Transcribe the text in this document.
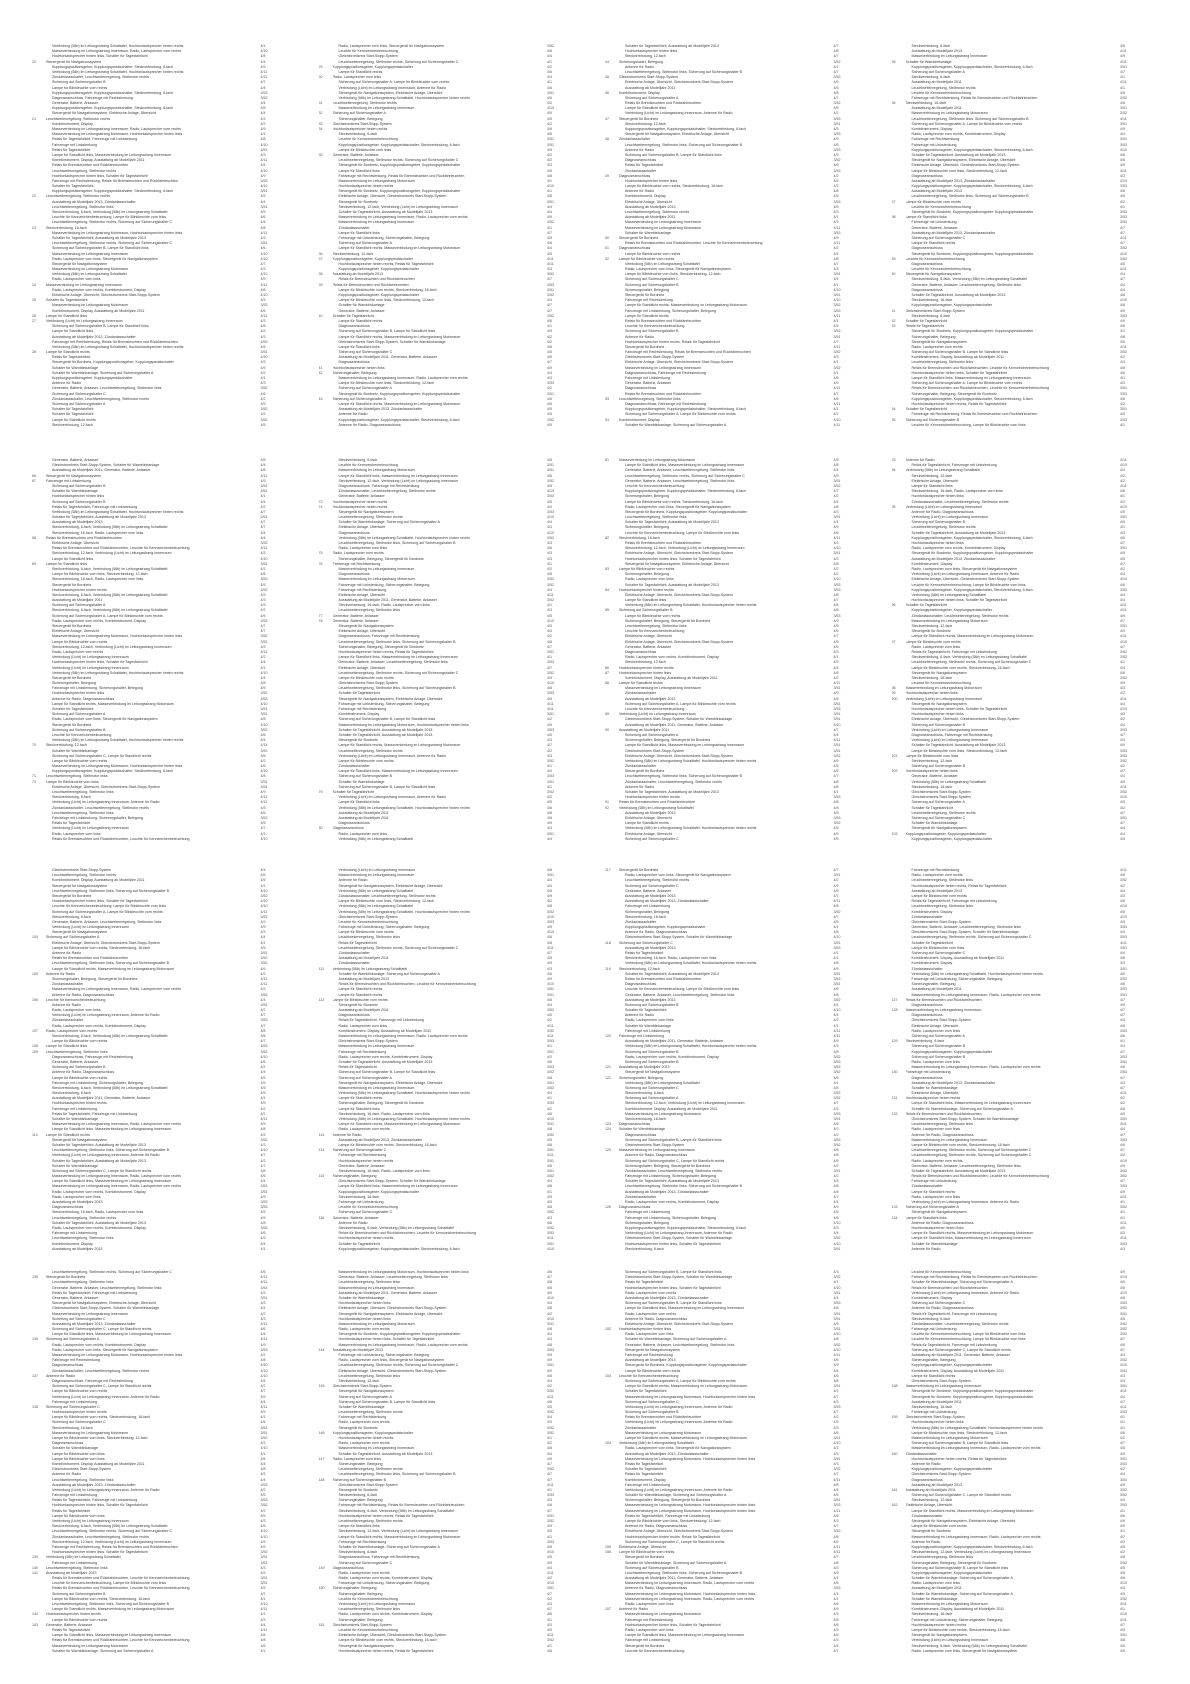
Verbindung (58b) im Leitungsstrang Schalttafel, Hochtonlautsprecher hinten rechts	4/1
Masseverbindung im Leitungsstrang Innenraum, Radio, Lautsprecher vorn rechts	4/10
Hochtonlautsprecher hinten links, Schalter für Tagesfahrlicht	4/8
20	Steuergerät für Navigationssystem	4/4
Kupplungspositionsgeber, Kupplungspedalschalter, Steckverbindung, 6-fach	4/5
Verbindung (58b) im Leitungsstrang Schalttafel, Hochtonlautsprecher hinten rechts	4/11
Zündanlassschalter, Leuchtweitenregelung, Stellmotor rechts	4/11
Sicherung auf Sicherungshalter B	4/7
Lampe für Blinkleuchte vorn rechts	4/4
Kupplungspositionsgeber, Kupplungspedalschalter, Steckverbindung, 6-fach	3/53
Diagnoseanschluss, Fahrzeuge mit Rechtslenkung	3/52
Generator, Batterie, Anlasser	4/4
Kupplungspositionsgeber, Kupplungspedalschalter, Steckverbindung, 6-fach	4/8
Steuergerät für Navigationssystem, Elektrische Anlage, Übersicht	4/4
21	Leuchtweitenregelung, Stellmotor rechts	4/3
Kombiinstrument, Display	4/2
Masseverbindung im Leitungsstrang Innenraum, Radio, Lautsprecher vorn rechts	4/9
Masseverbindung im Leitungsstrang Motorraum, Hochtonlautsprecher hinten links	4/1
Relais für Tagesfahrlicht, Fahrzeuge mit Linkslenkung	4/8
Fahrzeuge mit Linkslenkung	4/10
Relais für Tagesfahrlicht	3/51
Lampe für Standlicht links, Masseverbindung im Leitungsstrang Innenraum	4/3
Kombiinstrument, Display, Ausstattung ab Modelljahr 2011	4/11
Relais für Bremsleuchten und Rückfahrleuchten	4/4
Leuchtweitenregelung, Stellmotor rechts	4/10
Hochtonlautsprecher hinten links, Schalter für Tagesfahrlicht	4/9
Fahrzeuge mit Rechtslenkung, Relais für Bremsleuchten und Rückfahrleuchten	3/53
Schalter für Tagesfahrlicht	4/10
Kupplungspositionsgeber, Kupplungspedalschalter, Steckverbindung, 6-fach	3/51
22	Leuchtweitenregelung, Stellmotor rechts	4/5
Ausstattung ab Modelljahr 2013, Zündanlassschalter	4/4
Leuchtweitenregelung, Stellmotor links	3/51
Steckverbindung, 6-fach, Verbindung (58b) im Leitungsstrang Schalttafel	4/9
Leuchte für Kennzeichenbeleuchtung, Lampe für Blinkleuchte vorn links	4/6
Leuchtweitenregelung, Stellmotor rechts, Sicherung auf Sicherungshalter C	4/4
23	Steckverbindung, 16-fach	4/8
Masseverbindung im Leitungsstrang Motorraum, Hochtonlautsprecher hinten links	4/11
Schalter für Tagesfahrlicht, Ausstattung ab Modelljahr 2013	4/3
Leuchtweitenregelung, Stellmotor rechts, Sicherung auf Sicherungshalter C	3/51
Sicherung auf Sicherungshalter B, Lampe für Standlicht links	4/6
Masseverbindung im Leitungsstrang Innenraum	4/10
Radio, Lautsprecher vorn links, Steuergerät für Navigationssystem	4/10
Steuergerät für Navigationssystem	4/7
Masseverbindung im Leitungsstrang Motorraum	4/3
Verbindung (58b) im Leitungsstrang Schalttafel	4/10
Radio, Lautsprecher vorn links	4/9
24	Masseverbindung im Leitungsstrang Innenraum	4/11
Radio, Lautsprecher vorn rechts, Kombiinstrument, Display	4/8
Elektrische Anlage, Übersicht, Gleichstromkreis Start-Stopp-System	4/10
25	Schalter für Tagesfahrlicht	4/3
Masseverbindung im Leitungsstrang Motorraum	3/53
Kombiinstrument, Display, Ausstattung ab Modelljahr 2011	4/5
26	Lampe für Standlicht links	4/11
27	Verbindung (Licht) im Leitungsstrang Innenraum	4/3
Sicherung auf Sicherungshalter B, Lampe für Standlicht links	4/8
Lampe für Standlicht links	4/3
Ausstattung ab Modelljahr 2013, Zündanlassschalter	4/3
Fahrzeuge mit Rechtslenkung, Relais für Bremsleuchten und Rückfahrleuchten	3/53
Verbindung (58b) im Leitungsstrang Schalttafel, Hochtonlautsprecher hinten rechts	4/5
28	Lampe für Standlicht rechts	3/51
Relais für Tagesfahrlicht	4/10
Steuergerät für Bordnetz, Kupplungspositionsgeber, Kupplungspedalschalter	4/3
Schalter für Warnblinkanlage	4/9
Schalter für Warnblinkanlage, Sicherung auf Sicherungshalter A	4/2
Kupplungspositionsgeber, Kupplungspedalschalter	4/1
Antenne für Radio	4/3
Generator, Batterie, Anlasser, Leuchtweitenregelung, Stellmotor links	3/52
Sicherung auf Sicherungshalter C	4/6
Zündanlassschalter, Leuchtweitenregelung, Stellmotor rechts	4/2
Sicherung auf Sicherungshalter A	4/9
Schalter für Tagesfahrlicht	3/52
Schalter für Tagesfahrlicht	4/2
Lampe für Standlicht rechts	3/52
Steckverbindung, 12-fach	4/5
Radio, Lautsprecher vorn links, Steuergerät für Navigationssystem	3/52
Leuchte für Kennzeichenbeleuchtung	4/8
Gleichstromkreis Start-Stopp-System	4/4
Leuchtweitenregelung, Stellmotor rechts, Sicherung auf Sicherungshalter C	4/1
29	Kupplungspositionsgeber, Kupplungspedalschalter	4/2
Lampe für Standlicht rechts	4/6
30	Radio, Lautsprecher vorn links	4/4
Sicherung auf Sicherungshalter A, Lampe für Blinkleuchte vorn rechts	4/1
Verbindung (Licht) im Leitungsstrang Innenraum, Antenne für Radio	4/6
Steuergerät für Navigationssystem, Elektrische Anlage, Übersicht	3/51
Verbindung (58b) im Leitungsstrang Schalttafel, Hochtonlautsprecher hinten rechts	4/6
31	Leuchtweitenregelung, Stellmotor rechts	4/2
Masseverbindung im Leitungsstrang Innenraum	4/10
32	Sicherung auf Sicherungshalter A	4/9
Sicherungshalter, Belegung	4/5
33	Gleichstromkreis Start-Stopp-System	4/2
34	Hochtonlautsprecher hinten rechts	4/6
Steckverbindung, 6-fach	4/6
Leuchte für Kennzeichenbeleuchtung	3/51
Kupplungspositionsgeber, Kupplungspedalschalter, Steckverbindung, 6-fach	3/51
Lampe für Blinkleuchte vorn links	4/5
35	Generator, Batterie, Anlasser	4/2
Leuchtweitenregelung, Stellmotor rechts, Sicherung auf Sicherungshalter C	4/2
Steuergerät für Bordnetz, Kupplungspositionsgeber, Kupplungspedalschalter	4/3
Lampe für Standlicht links	4/5
Fahrzeuge mit Rechtslenkung, Relais für Bremsleuchten und Rückfahrleuchten	4/8
Masseverbindung im Leitungsstrang Motorraum	4/1
Hochtonlautsprecher hinten rechts	4/10
Steuergerät für Bordnetz, Kupplungspositionsgeber, Kupplungspedalschalter	4/1
Elektrische Anlage, Übersicht, Gleichstromkreis Start-Stopp-System	4/8
Steuergerät für Bordnetz	3/51
Steckverbindung, 12-fach, Verbindung (Licht) im Leitungsstrang Innenraum	4/4
Schalter für Tagesfahrlicht, Ausstattung ab Modelljahr 2013	4/4
Masseverbindung im Leitungsstrang Innenraum, Radio, Lautsprecher vorn rechts	4/9
Masseverbindung im Leitungsstrang Innenraum	3/52
Zündanlassschalter	4/1
Lampe für Standlicht links	4/7
Fahrzeuge mit Linkslenkung, Sicherungshalter, Belegung	4/9
Sicherung auf Sicherungshalter A	4/6
Lampe für Standlicht rechts, Masseverbindung im Leitungsstrang Motorraum	4/4
36	Steckverbindung, 12-fach	4/5
37	Kupplungspositionsgeber, Kupplungspedalschalter	4/11
Hochtonlautsprecher hinten rechts, Relais für Tagesfahrlicht	4/11
Kupplungspositionsgeber, Kupplungspedalschalter	4/3
38	Ausstattung ab Modelljahr 2013	3/52
Relais für Bremsleuchten und Rückfahrleuchten	4/7
39	Relais für Bremsleuchten und Rückfahrleuchten	3/53
Lampe für Blinkleuchte vorn rechts, Steckverbindung, 16-fach	3/51
Kupplungspositionsgeber, Kupplungspedalschalter	3/52
Lampe für Blinkleuchte vorn links, Steckverbindung, 12-fach	4/4
Schalter für Warnblinkanlage	4/7
Generator, Batterie, Anlasser	4/7
40	Schalter für Tagesfahrlicht	3/52
Lampe für Standlicht rechts	4/6
Diagnoseanschluss	4/1
Sicherung auf Sicherungshalter B, Lampe für Standlicht links	4/9
Lampe für Standlicht rechts, Masseverbindung im Leitungsstrang Motorraum	4/2
Gleichstromkreis Start-Stopp-System, Schalter für Warnblinkanlage	4/2
Lampe für Standlicht links	4/8
Sicherung auf Sicherungshalter C	4/5
Ausstattung ab Modelljahr 2011, Generator, Batterie, Anlasser	4/9
Diagnoseanschluss	4/7
41	Hochtonlautsprecher hinten links	4/9
42	Sicherungshalter, Belegung	4/4
Masseverbindung im Leitungsstrang Innenraum, Radio, Lautsprecher vorn rechts	4/3
Lampe für Blinkleuchte vorn links, Steckverbindung, 12-fach	3/53
Sicherung auf Sicherungshalter A	4/2
Steuergerät für Bordnetz, Kupplungspositionsgeber, Kupplungspedalschalter	3/51
43	Sicherung auf Sicherungshalter A	4/6
Lampe für Standlicht rechts, Masseverbindung im Leitungsstrang Motorraum	4/6
Ausstattung ab Modelljahr 2013, Zündanlassschalter	4/5
Antenne für Radio	4/5
Kupplungspositionsgeber, Kupplungspedalschalter, Steckverbindung, 6-fach	3/52
Antenne für Radio, Diagnoseanschluss	4/9
Schalter für Tagesfahrlicht, Ausstattung ab Modelljahr 2013	4/7
Hochtonlautsprecher hinten links	4/8
Steckverbindung, 12-fach	4/7
44	Sicherungshalter, Belegung	3/52
Antenne für Radio	4/1
Leuchtweitenregelung, Stellmotor links, Sicherung auf Sicherungshalter B	4/7
45	Gleichstromkreis Start-Stopp-System	3/53
Elektrische Anlage, Übersicht, Gleichstromkreis Start-Stopp-System	4/9
Ausstattung ab Modelljahr 2011	4/5
46	Kombiinstrument, Display	4/8
Sicherung auf Sicherungshalter A	4/7
Relais für Bremsleuchten und Rückfahrleuchten	3/52
Lampe für Standlicht links	4/5
Verbindung (Licht) im Leitungsstrang Innenraum, Antenne für Radio	4/2
47	Steuergerät für Bordnetz	3/53
Steckverbindung, 12-fach	3/51
Kupplungspositionsgeber, Kupplungspedalschalter, Steckverbindung, 6-fach	4/3
Steuergerät für Navigationssystem, Elektrische Anlage, Übersicht	3/53
48	Zündanlassschalter	4/9
Leuchtweitenregelung, Stellmotor links, Sicherung auf Sicherungshalter B	4/6
Antenne für Radio	3/53
Sicherung auf Sicherungshalter B, Lampe für Standlicht links	4/9
Diagnoseanschluss	3/52
Relais für Tagesfahrlicht	4/6
Zündanlassschalter	3/53
49	Diagnoseanschluss	4/2
Hochtonlautsprecher hinten links	4/5
Lampe für Blinkleuchte vorn rechts, Steckverbindung, 16-fach	4/2
Antenne für Radio	4/8
Kombiinstrument, Display	4/5
Elektrische Anlage, Übersicht	3/53
Ausstattung ab Modelljahr 2013	4/5
Leuchtweitenregelung, Stellmotor rechts	4/3
Ausstattung ab Modelljahr 2011	4/1
Masseverbindung im Leitungsstrang Innenraum	4/3
Masseverbindung im Leitungsstrang Motorraum	4/11
Schalter für Warnblinkanlage	3/53
50	Steuergerät für Bordnetz	4/9
Relais für Bremsleuchten und Rückfahrleuchten, Leuchte für Kennzeichenbeleuchtung	4/11
51	Diagnoseanschluss	4/2
Lampe für Blinkleuchte vorn rechts	4/4
52	Lampe für Blinkleuchte vorn rechts	4/8
Verbindung (58b) im Leitungsstrang Schalttafel	4/7
Radio, Lautsprecher vorn links, Steuergerät für Navigationssystem	4/3
Lampe für Blinkleuchte vorn links, Steckverbindung, 12-fach	3/51
Sicherung auf Sicherungshalter C	4/4
Sicherung auf Sicherungshalter B	4/1
Sicherungshalter, Belegung	4/10
Steuergerät für Bordnetz	3/51
Fahrzeuge mit Rechtslenkung	4/10
Lampe für Standlicht rechts, Masseverbindung im Leitungsstrang Motorraum	3/52
Fahrzeuge mit Linkslenkung, Sicherungshalter, Belegung	3/53
Lampe für Standlicht rechts	4/11
Relais für Bremsleuchten und Rückfahrleuchten	4/1
Leuchte für Kennzeichenbeleuchtung	4/5
Sicherung auf Sicherungshalter B	3/52
Antenne für Radio	3/51
Hochtonlautsprecher hinten rechts, Relais für Tagesfahrlicht	4/7
Steuergerät für Bordnetz	4/11
Fahrzeuge mit Rechtslenkung, Relais für Bremsleuchten und Rückfahrleuchten	3/52
Gleichstromkreis Start-Stopp-System	4/3
Elektrische Anlage, Übersicht, Gleichstromkreis Start-Stopp-System	4/1
Masseverbindung im Leitungsstrang Innenraum	3/52
Diagnoseanschluss, Fahrzeuge mit Rechtslenkung	4/1
Fahrzeuge mit Linkslenkung	4/6
Generator, Batterie, Anlasser	4/9
Diagnoseanschluss	4/11
Relais für Bremsleuchten und Rückfahrleuchten	4/7
53	Leuchtweitenregelung, Stellmotor links	4/6
Diagnoseanschluss, Fahrzeuge mit Rechtslenkung	4/11
Kupplungspositionsgeber, Kupplungspedalschalter, Steckverbindung, 6-fach	4/1
Sicherung auf Sicherungshalter A, Lampe für Blinkleuchte vorn rechts	4/2
54	Kombiinstrument, Display	4/10
Schalter für Warnblinkanlage, Sicherung auf Sicherungshalter A	4/11
Steckverbindung, 6-fach	4/5
Ausstattung ab Modelljahr 2013	4/11
Masseverbindung im Leitungsstrang Innenraum	4/9
55	Schalter für Warnblinkanlage	4/11
Kupplungspositionsgeber, Kupplungspedalschalter, Steckverbindung, 6-fach	3/51
Sicherung auf Sicherungshalter A	4/7
Steckverbindung, 6-fach	4/1
Ausstattung ab Modelljahr 2011	4/11
Leuchtweitenregelung, Stellmotor rechts	4/1
Leuchte für Kennzeichenbeleuchtung	4/5
Fahrzeuge mit Rechtslenkung, Relais für Bremsleuchten und Rückfahrleuchten	3/52
56	Steckverbindung, 16-fach	4/6
Ausstattung ab Modelljahr 2011	3/51
Masseverbindung im Leitungsstrang Motorraum	3/52
Leuchtweitenregelung, Stellmotor links, Sicherung auf Sicherungshalter B	4/11
Sicherung auf Sicherungshalter A, Lampe für Blinkleuchte vorn rechts	3/51
Kombiinstrument, Display	4/9
Radio, Lautsprecher vorn rechts, Kombiinstrument, Display	4/4
Fahrzeuge mit Rechtslenkung	3/51
Fahrzeuge mit Linkslenkung	3/53
Kupplungspositionsgeber, Kupplungspedalschalter, Steckverbindung, 6-fach	4/10
Schalter für Tagesfahrlicht, Ausstattung ab Modelljahr 2013	4/8
Steuergerät für Navigationssystem, Elektrische Anlage, Übersicht	4/8
Elektrische Anlage, Übersicht, Gleichstromkreis Start-Stopp-System	4/9
Lampe für Blinkleuchte vorn links, Steckverbindung, 12-fach	4/11
Diagnoseanschluss	4/3
Ausstattung ab Modelljahr 2013, Zündanlassschalter	4/10
Kupplungspositionsgeber, Kupplungspedalschalter, Steckverbindung, 6-fach	3/53
Ausstattung ab Modelljahr 2013	4/6
Leuchtweitenregelung, Stellmotor links, Sicherung auf Sicherungshalter B	4/9
57	Lampe für Blinkleuchte vorn rechts	4/2
Leuchte für Kennzeichenbeleuchtung	4/1
Steuergerät für Bordnetz, Kupplungspositionsgeber, Kupplungspedalschalter	3/53
58	Lampe für Standlicht links	3/53
Fahrzeuge mit Linkslenkung	3/53
Generator, Batterie, Anlasser	4/7
Ausstattung ab Modelljahr 2013, Zündanlassschalter	4/7
Sicherung auf Sicherungshalter C	4/11
Lampe für Standlicht rechts	4/7
Diagnoseanschluss	3/52
Steuergerät für Bordnetz, Kupplungspositionsgeber, Kupplungspedalschalter	4/10
59	Leuchte für Kennzeichenbeleuchtung	3/53
Diagnoseanschluss	4/5
Leuchte für Kennzeichenbeleuchtung	4/11
60	Steuergerät für Navigationssystem	4/4
Steckverbindung, 6-fach, Verbindung (58b) im Leitungsstrang Schalttafel	4/7
Generator, Batterie, Anlasser, Leuchtweitenregelung, Stellmotor links	4/4
Diagnoseanschluss	4/4
Schalter für Tagesfahrlicht, Ausstattung ab Modelljahr 2013	4/8
Steckverbindung, 16-fach	4/10
Kupplungspositionsgeber, Kupplungspedalschalter	4/8
61	Gleichstromkreis Start-Stopp-System	4/9
Steckverbindung, 6-fach	3/53
62	Schalter für Tagesfahrlicht	4/9
63	Relais für Tagesfahrlicht	4/6
Steuergerät für Bordnetz, Kupplungspositionsgeber, Kupplungspedalschalter	4/1
Sicherungshalter, Belegung	4/8
Steuergerät für Navigationssystem	4/5
Radio, Lautsprecher vorn rechts	4/11
Sicherung auf Sicherungshalter B, Lampe für Standlicht links	3/52
Kombiinstrument, Display, Ausstattung ab Modelljahr 2011	4/2
Leuchtweitenregelung, Stellmotor links	4/3
Relais für Bremsleuchten und Rückfahrleuchten, Leuchte für Kennzeichenbeleuchtung	4/8
Hochtonlautsprecher hinten links, Schalter für Tagesfahrlicht	4/6
Lampe für Standlicht links, Masseverbindung im Leitungsstrang Innenraum	4/1
Sicherung auf Sicherungshalter A, Lampe für Blinkleuchte vorn rechts	4/3
Relais für Bremsleuchten und Rückfahrleuchten, Leuchte für Kennzeichenbeleuchtung	3/51
Sicherungshalter, Belegung, Steuergerät für Bordnetz	3/53
Kupplungspositionsgeber, Kupplungspedalschalter, Steckverbindung, 6-fach	4/6
Hochtonlautsprecher hinten rechts, Relais für Tagesfahrlicht	4/2
64	Schalter für Tagesfahrlicht	3/51
Fahrzeuge mit Rechtslenkung, Relais für Bremsleuchten und Rückfahrleuchten	4/5
65	Sicherung auf Sicherungshalter B	3/53
Leuchte für Kennzeichenbeleuchtung, Lampe für Blinkleuchte vorn links	4/1
Generator, Batterie, Anlasser	4/8
Gleichstromkreis Start-Stopp-System, Schalter für Warnblinkanlage	4/4
Ausstattung ab Modelljahr 2011, Generator, Batterie, Anlasser	4/8
66	Steuergerät für Navigationssystem	4/11
67	Fahrzeuge mit Linkslenkung	4/9
Sicherung auf Sicherungshalter B	3/51
Schalter für Warnblinkanlage	3/51
Hochtonlautsprecher hinten links	4/1
Sicherung auf Sicherungshalter B	4/4
Relais für Tagesfahrlicht, Fahrzeuge mit Linkslenkung	4/2
Verbindung (58b) im Leitungsstrang Schalttafel, Hochtonlautsprecher hinten rechts	4/7
Schalter für Tagesfahrlicht, Ausstattung ab Modelljahr 2013	3/51
Ausstattung ab Modelljahr 2013	4/7
Steckverbindung, 6-fach, Verbindung (58b) im Leitungsstrang Schalttafel	4/7
Steckverbindung, 16-fach, Radio, Lautsprecher vorn links	4/4
68	Relais für Bremsleuchten und Rückfahrleuchten	4/4
Elektrische Anlage, Übersicht	3/52
Relais für Bremsleuchten und Rückfahrleuchten, Leuchte für Kennzeichenbeleuchtung	4/11
Steckverbindung, 12-fach, Verbindung (Licht) im Leitungsstrang Innenraum	4/3
Lampe für Standlicht links	4/10
69	Lampe für Standlicht links	3/51
Steckverbindung, 6-fach, Verbindung (58b) im Leitungsstrang Schalttafel	4/1
Lampe für Blinkleuchte vorn links, Steckverbindung, 12-fach	4/8
Steckverbindung, 16-fach, Radio, Lautsprecher vorn links	3/53
Steuergerät für Bordnetz	4/5
Hochtonlautsprecher hinten rechts	3/52
Steckverbindung, 6-fach, Verbindung (58b) im Leitungsstrang Schalttafel	4/3
Ausstattung ab Modelljahr 2011	4/3
Sicherung auf Sicherungshalter A	4/3
Steckverbindung, 6-fach, Verbindung (58b) im Leitungsstrang Schalttafel	4/2
Sicherung auf Sicherungshalter A, Lampe für Blinkleuchte vorn rechts	4/5
Radio, Lautsprecher vorn rechts, Kombiinstrument, Display	3/53
Steuergerät für Bordnetz	4/7
Elektrische Anlage, Übersicht	4/7
Masseverbindung im Leitungsstrang Motorraum, Hochtonlautsprecher hinten links	3/52
Lampe für Blinkleuchte vorn rechts	3/52
Steckverbindung, 12-fach, Verbindung (Licht) im Leitungsstrang Innenraum	4/3
Radio, Lautsprecher vorn rechts	4/11
Verbindung (Licht) im Leitungsstrang Innenraum	4/2
Hochtonlautsprecher hinten links, Schalter für Tagesfahrlicht	4/4
Verbindung (Licht) im Leitungsstrang Innenraum	4/1
Verbindung (58b) im Leitungsstrang Schalttafel, Hochtonlautsprecher hinten rechts	4/10
Steuergerät für Bordnetz	4/4
Sicherungshalter, Belegung	4/8
Fahrzeuge mit Linkslenkung, Sicherungshalter, Belegung	4/5
Hochtonlautsprecher hinten links	3/52
Antenne für Radio, Diagnoseanschluss	3/53
Lampe für Standlicht rechts, Masseverbindung im Leitungsstrang Motorraum	4/10
Schalter für Tagesfahrlicht	3/51
Sicherung auf Sicherungshalter A	3/51
Radio, Lautsprecher vorn links, Steuergerät für Navigationssystem	4/8
Steuergerät für Bordnetz	4/10
Sicherung auf Sicherungshalter B	3/52
Leuchte für Kennzeichenbeleuchtung	4/6
Verbindung (58b) im Leitungsstrang Schalttafel, Hochtonlautsprecher hinten rechts	4/4
70	Steckverbindung, 12-fach	4/11
Schalter für Warnblinkanlage	3/53
Sicherung auf Sicherungshalter C, Lampe für Standlicht rechts	4/6
Lampe für Blinkleuchte vorn rechts	4/2
Masseverbindung im Leitungsstrang Motorraum, Hochtonlautsprecher hinten links	4/6
Kupplungspositionsgeber, Kupplungspedalschalter, Steckverbindung, 6-fach	4/10
71	Leuchtweitenregelung, Stellmotor links	4/8
72	Lampe für Blinkleuchte vorn links	3/51
Elektrische Anlage, Übersicht, Gleichstromkreis Start-Stopp-System	3/51
Leuchtweitenregelung, Stellmotor links	4/9
Steckverbindung, 6-fach	4/11
Verbindung (Licht) im Leitungsstrang Innenraum, Antenne für Radio	4/11
Zündanlassschalter, Leuchtweitenregelung, Stellmotor rechts	4/3
Leuchtweitenregelung, Stellmotor links	4/6
Fahrzeuge mit Linkslenkung, Sicherungshalter, Belegung	3/52
Relais für Tagesfahrlicht	4/5
Verbindung (Licht) im Leitungsstrang Innenraum	4/7
Radio, Lautsprecher vorn links	4/1
Relais für Bremsleuchten und Rückfahrleuchten, Leuchte für Kennzeichenbeleuchtung	4/10
Steckverbindung, 6-fach	4/8
Leuchte für Kennzeichenbeleuchtung	3/51
Masseverbindung im Leitungsstrang Motorraum	3/51
Lampe für Standlicht links, Masseverbindung im Leitungsstrang Innenraum	4/6
Steckverbindung, 12-fach, Verbindung (Licht) im Leitungsstrang Innenraum	3/52
Diagnoseanschluss, Fahrzeuge mit Rechtslenkung	4/8
Zündanlassschalter, Leuchtweitenregelung, Stellmotor rechts	4/10
Generator, Batterie, Anlasser	3/53
73	Hochtonlautsprecher hinten rechts	4/5
74	Hochtonlautsprecher hinten rechts	4/4
Steuergerät für Navigationssystem	3/53
Leuchtweitenregelung, Stellmotor rechts	4/10
Schalter für Warnblinkanlage, Sicherung auf Sicherungshalter A	4/4
Elektrische Anlage, Übersicht	4/3
Diagnoseanschluss	4/10
Verbindung (58b) im Leitungsstrang Schalttafel, Hochtonlautsprecher hinten rechts	3/52
Leuchtweitenregelung, Stellmotor links, Sicherung auf Sicherungshalter B	4/3
Radio, Lautsprecher vorn links	4/6
75	Radio, Lautsprecher vorn rechts	4/3
Sicherungshalter, Belegung, Steuergerät für Bordnetz	4/3
76	Fahrzeuge mit Rechtslenkung	4/1
Masseverbindung im Leitungsstrang Innenraum	4/2
Diagnoseanschluss	4/8
Masseverbindung im Leitungsstrang Motorraum	3/52
Fahrzeuge mit Linkslenkung, Sicherungshalter, Belegung	3/52
Fahrzeuge mit Rechtslenkung	4/4
Elektrische Anlage, Übersicht	4/11
Ausstattung ab Modelljahr 2011, Generator, Batterie, Anlasser	3/52
Steckverbindung, 16-fach, Radio, Lautsprecher vorn links	4/1
Leuchtweitenregelung, Stellmotor links	4/3
77	Generator, Batterie, Anlasser	4/5
78	Generator, Batterie, Anlasser	4/10
Steuergerät für Navigationssystem	4/5
Elektrische Anlage, Übersicht	4/5
Diagnoseanschluss, Fahrzeuge mit Rechtslenkung	4/2
Leuchtweitenregelung, Stellmotor links, Sicherung auf Sicherungshalter B	4/6
Sicherungshalter, Belegung, Steuergerät für Bordnetz	4/7
Hochtonlautsprecher hinten rechts, Relais für Tagesfahrlicht	3/51
Lampe für Standlicht links, Masseverbindung im Leitungsstrang Innenraum	4/1
Generator, Batterie, Anlasser, Leuchtweitenregelung, Stellmotor links	3/53
Elektrische Anlage, Übersicht	4/7
Leuchtweitenregelung, Stellmotor rechts, Sicherung auf Sicherungshalter C	3/52
Lampe für Blinkleuchte vorn rechts	4/9
Gleichstromkreis Start-Stopp-System	4/10
Leuchtweitenregelung, Stellmotor links, Sicherung auf Sicherungshalter B	4/8
Schalter für Tagesfahrlicht	3/53
Steuergerät für Navigationssystem, Elektrische Anlage, Übersicht	4/5
Fahrzeuge mit Linkslenkung, Sicherungshalter, Belegung	4/11
Fahrzeuge mit Rechtslenkung	4/11
Kombiinstrument, Display	3/51
Sicherung auf Sicherungshalter B, Lampe für Standlicht links	4/2
Masseverbindung im Leitungsstrang Motorraum, Hochtonlautsprecher hinten links	4/9
Schalter für Tagesfahrlicht, Ausstattung ab Modelljahr 2013	3/53
Schalter für Tagesfahrlicht, Ausstattung ab Modelljahr 2013	4/5
Steuergerät für Bordnetz	4/3
Lampe für Standlicht rechts, Masseverbindung im Leitungsstrang Motorraum	4/7
Leuchtweitenregelung, Stellmotor rechts	4/2
Verbindung (Licht) im Leitungsstrang Innenraum, Antenne für Radio	4/3
Lampe für Blinkleuchte vorn rechts	3/52
Zündanlassschalter	4/1
Lampe für Standlicht links, Masseverbindung im Leitungsstrang Innenraum	4/4
Sicherung auf Sicherungshalter B	3/53
Schalter für Warnblinkanlage	3/51
Sicherung auf Sicherungshalter B, Lampe für Standlicht links	4/1
79	Schalter für Tagesfahrlicht	3/52
Verbindung (Licht) im Leitungsstrang Innenraum, Antenne für Radio	4/2
Lampe für Standlicht links	4/5
Verbindung (58b) im Leitungsstrang Schalttafel, Hochtonlautsprecher hinten rechts	4/6
Ausstattung ab Modelljahr 2011	4/8
Ausstattung ab Modelljahr 2011	4/8
Diagnoseanschluss	4/9
80	Diagnoseanschluss	4/3
Radio, Lautsprecher vorn links	3/51
Verbindung (58b) im Leitungsstrang Schalttafel	4/4
81	Masseverbindung im Leitungsstrang Motorraum	4/5
Lampe für Standlicht links, Masseverbindung im Leitungsstrang Innenraum	4/8
Generator, Batterie, Anlasser, Leuchtweitenregelung, Stellmotor links	4/4
Leuchtweitenregelung, Stellmotor rechts, Sicherung auf Sicherungshalter C	4/5
Generator, Batterie, Anlasser, Leuchtweitenregelung, Stellmotor links	3/51
Leuchte für Kennzeichenbeleuchtung	3/52
Kupplungspositionsgeber, Kupplungspedalschalter, Steckverbindung, 6-fach	4/7
Sicherungshalter, Belegung	4/2
Lampe für Blinkleuchte vorn rechts, Steckverbindung, 16-fach	4/4
Radio, Lautsprecher vorn links, Steuergerät für Navigationssystem	4/8
Steuergerät für Bordnetz, Kupplungspositionsgeber, Kupplungspedalschalter	4/3
Leuchtweitenregelung, Stellmotor links	3/51
Schalter für Tagesfahrlicht, Ausstattung ab Modelljahr 2013	4/1
Sicherungshalter, Belegung	4/9
Leuchte für Kennzeichenbeleuchtung, Lampe für Blinkleuchte vorn links	4/6
82	Steckverbindung, 16-fach	4/11
Relais für Bremsleuchten und Rückfahrleuchten	4/3
Steckverbindung, 12-fach, Verbindung (Licht) im Leitungsstrang Innenraum	4/10
Elektrische Anlage, Übersicht, Gleichstromkreis Start-Stopp-System	3/51
Hochtonlautsprecher hinten links, Schalter für Tagesfahrlicht	4/3
Steuergerät für Navigationssystem, Elektrische Anlage, Übersicht	4/8
83	Lampe für Blinkleuchte vorn rechts	4/2
Sicherungshalter, Belegung	4/2
Radio, Lautsprecher vorn links	4/10
Schalter für Tagesfahrlicht, Ausstattung ab Modelljahr 2013	3/53
84	Hochtonlautsprecher hinten rechts	3/53
Elektrische Anlage, Übersicht, Gleichstromkreis Start-Stopp-System	4/8
Lampe für Standlicht links	4/7
Verbindung (58b) im Leitungsstrang Schalttafel, Hochtonlautsprecher hinten rechts	4/8
85	Sicherung auf Sicherungshalter B	4/6
Lampe für Blinkleuchte vorn rechts	3/53
Sicherungshalter, Belegung, Steuergerät für Bordnetz	4/9
Leuchtweitenregelung, Stellmotor links	4/5
Leuchte für Kennzeichenbeleuchtung	4/5
Elektrische Anlage, Übersicht	4/7
Elektrische Anlage, Übersicht, Gleichstromkreis Start-Stopp-System	4/5
Generator, Batterie, Anlasser	4/5
Diagnoseanschluss	4/3
Radio, Lautsprecher vorn rechts, Kombiinstrument, Display	4/1
Steckverbindung, 12-fach	4/9
86	Hochtonlautsprecher hinten rechts	4/4
87	Hochtonlautsprecher hinten links	4/8
Kombiinstrument, Display, Ausstattung ab Modelljahr 2011	4/2
88	Lampe für Standlicht rechts	4/11
Masseverbindung im Leitungsstrang Innenraum	3/51
Zündanlassschalter	4/9
Ausstattung ab Modelljahr 2013	4/5
Sicherung auf Sicherungshalter A, Lampe für Blinkleuchte vorn rechts	3/51
Leuchte für Kennzeichenbeleuchtung	3/53
89	Verbindung (Licht) im Leitungsstrang Innenraum	3/51
Gleichstromkreis Start-Stopp-System, Schalter für Warnblinkanlage	3/51
Ausstattung ab Modelljahr 2011, Generator, Batterie, Anlasser	4/10
90	Ausstattung ab Modelljahr 2011	4/7
Sicherung auf Sicherungshalter A	4/4
Sicherungshalter, Belegung, Steuergerät für Bordnetz	4/11
Lampe für Standlicht links, Masseverbindung im Leitungsstrang Innenraum	3/51
Gleichstromkreis Start-Stopp-System	3/51
Elektrische Anlage, Übersicht, Gleichstromkreis Start-Stopp-System	3/52
Verbindung (58b) im Leitungsstrang Schalttafel, Hochtonlautsprecher hinten rechts	4/9
Zündanlassschalter	4/5
Steuergerät für Bordnetz	4/5
Leuchtweitenregelung, Stellmotor links, Sicherung auf Sicherungshalter B	4/7
Zündanlassschalter, Leuchtweitenregelung, Stellmotor rechts	4/8
Antenne für Radio	4/8
Schalter für Tagesfahrlicht, Ausstattung ab Modelljahr 2013	4/1
Hochtonlautsprecher hinten rechts	3/53
91	Relais für Bremsleuchten und Rückfahrleuchten	4/8
92	Verbindung (58b) im Leitungsstrang Schalttafel	4/8
Ausstattung ab Modelljahr 2013	4/5
Elektrische Anlage, Übersicht	3/53
Lampe für Standlicht rechts	3/52
Verbindung (58b) im Leitungsstrang Schalttafel, Hochtonlautsprecher hinten rechts	4/5
Elektrische Anlage, Übersicht	4/9
Sicherung auf Sicherungshalter C	4/5
93	Antenne für Radio	4/11
Relais für Tagesfahrlicht, Fahrzeuge mit Linkslenkung	4/10
94	Verbindung (58b) im Leitungsstrang Schalttafel	4/4
Steckverbindung, 12-fach	4/2
Elektrische Anlage, Übersicht	4/2
Lampe für Standlicht links	4/11
Steckverbindung, 16-fach, Radio, Lautsprecher vorn links	4/6
Hochtonlautsprecher hinten links	4/1
Zündanlassschalter, Leuchtweitenregelung, Stellmotor rechts	4/2
95	Verbindung (Licht) im Leitungsstrang Innenraum	4/10
Antenne für Radio, Diagnoseanschluss	4/5
Verbindung (Licht) im Leitungsstrang Innenraum	3/51
Sicherung auf Sicherungshalter B	4/9
Leuchtweitenregelung, Stellmotor rechts	4/1
Schalter für Tagesfahrlicht, Ausstattung ab Modelljahr 2013	4/3
Kupplungspositionsgeber, Kupplungspedalschalter, Steckverbindung, 6-fach	4/6
Hochtonlautsprecher hinten links	4/7
Radio, Lautsprecher vorn rechts, Kombiinstrument, Display	3/51
Steuergerät für Bordnetz, Kupplungspositionsgeber, Kupplungspedalschalter	4/9
Ausstattung ab Modelljahr 2013, Zündanlassschalter	4/5
Kombiinstrument, Display	4/7
Radio, Lautsprecher vorn links, Steuergerät für Navigationssystem	4/2
Verbindung (Licht) im Leitungsstrang Innenraum, Antenne für Radio	4/4
Elektrische Anlage, Übersicht, Gleichstromkreis Start-Stopp-System	4/10
Leuchte für Kennzeichenbeleuchtung, Lampe für Blinkleuchte vorn links	4/6
Kupplungspositionsgeber, Kupplungspedalschalter, Steckverbindung, 6-fach	3/53
Verbindung (58b) im Leitungsstrang Schalttafel	4/4
Hochtonlautsprecher hinten links, Schalter für Tagesfahrlicht	4/4
96	Schalter für Tagesfahrlicht	4/11
Kupplungspositionsgeber, Kupplungspedalschalter	4/11
Zündanlassschalter, Leuchtweitenregelung, Stellmotor rechts	4/9
Masseverbindung im Leitungsstrang Motorraum	4/7
Steckverbindung, 12-fach	3/51
Steuergerät für Bordnetz	4/9
Lampe für Standlicht rechts, Masseverbindung im Leitungsstrang Motorraum	4/11
97	Lampe für Blinkleuchte vorn rechts	4/10
Radio, Lautsprecher vorn links	4/7
Relais für Tagesfahrlicht, Fahrzeuge mit Linkslenkung	3/52
Steckverbindung, 6-fach, Verbindung (58b) im Leitungsstrang Schalttafel	3/52
Leuchtweitenregelung, Stellmotor rechts, Sicherung auf Sicherungshalter C	4/1
Lampe für Blinkleuchte vorn rechts, Steckverbindung, 16-fach	4/4
Steuergerät für Navigationssystem	4/8
Steckverbindung, 16-fach	3/52
Leuchte für Kennzeichenbeleuchtung	4/9
98	Masseverbindung im Leitungsstrang Motorraum	4/3
99	Hochtonlautsprecher hinten links	4/2
100	Verbindung (Licht) im Leitungsstrang Innenraum	4/11
Steuergerät für Navigationssystem	4/4
Hochtonlautsprecher hinten links, Schalter für Tagesfahrlicht	4/10
Hochtonlautsprecher hinten links	4/3
Elektrische Anlage, Übersicht, Gleichstromkreis Start-Stopp-System	4/2
Sicherung auf Sicherungshalter B	4/4
Verbindung (Licht) im Leitungsstrang Innenraum	3/53
Diagnoseanschluss, Fahrzeuge mit Rechtslenkung	4/7
Verbindung (Licht) im Leitungsstrang Innenraum	4/3
Schalter für Tagesfahrlicht, Ausstattung ab Modelljahr 2013	4/9
Lampe für Blinkleuchte vorn links, Steckverbindung, 12-fach	3/53
101	Lampe für Blinkleuchte vorn links	3/53
Steckverbindung, 12-fach	3/52
Sicherung auf Sicherungshalter B	4/2
102	Hochtonlautsprecher hinten links	4/7
Generator, Batterie, Anlasser	4/4
Verbindung (58b) im Leitungsstrang Schalttafel	4/5
Steckverbindung, 16-fach	4/11
Gleichstromkreis Start-Stopp-System	3/52
Gleichstromkreis Start-Stopp-System	4/10
Sicherung auf Sicherungshalter A	4/5
Schalter für Tagesfahrlicht	4/2
Leuchtweitenregelung, Stellmotor rechts	4/7
Sicherung auf Sicherungshalter C	3/51
Schalter für Warnblinkanlage	4/7
Steuergerät für Navigationssystem	4/4
103	Kupplungspositionsgeber, Kupplungspedalschalter	4/4
Kupplungspositionsgeber, Kupplungspedalschalter	4/5
Gleichstromkreis Start-Stopp-System	4/4
Leuchtweitenregelung, Stellmotor rechts	4/6
Kombiinstrument, Display, Ausstattung ab Modelljahr 2011	4/5
Steuergerät für Navigationssystem	4/1
Leuchtweitenregelung, Stellmotor links, Sicherung auf Sicherungshalter B	4/10
Steuergerät für Bordnetz	3/52
Hochtonlautsprecher hinten links, Schalter für Tagesfahrlicht	4/10
Leuchte für Kennzeichenbeleuchtung, Lampe für Blinkleuchte vorn links	4/10
Sicherung auf Sicherungshalter A, Lampe für Blinkleuchte vorn rechts	4/11
Steckverbindung, 6-fach	3/52
Generator, Batterie, Anlasser, Leuchtweitenregelung, Stellmotor links	4/2
Verbindung (Licht) im Leitungsstrang Innenraum	4/9
Steuergerät für Navigationssystem	4/3
104	Sicherung auf Sicherungshalter A	4/4
Elektrische Anlage, Übersicht, Gleichstromkreis Start-Stopp-System	4/1
Lampe für Blinkleuchte vorn rechts, Steckverbindung, 16-fach	4/9
Antenne für Radio	3/51
Relais für Bremsleuchten und Rückfahrleuchten	3/52
Leuchtweitenregelung, Stellmotor links, Sicherung auf Sicherungshalter B	3/52
Lampe für Standlicht rechts, Masseverbindung im Leitungsstrang Motorraum	4/9
105	Antenne für Radio	4/2
Sicherungshalter, Belegung, Steuergerät für Bordnetz	4/11
Zündanlassschalter	4/11
Masseverbindung im Leitungsstrang Innenraum, Radio, Lautsprecher vorn rechts	4/2
Antenne für Radio, Diagnoseanschluss	3/53
106	Leuchte für Kennzeichenbeleuchtung	4/4
Antenne für Radio	3/51
Radio, Lautsprecher vorn links	4/2
Verbindung (Licht) im Leitungsstrang Innenraum, Antenne für Radio	4/7
Zündanlassschalter	3/53
Radio, Lautsprecher vorn rechts, Kombiinstrument, Display	4/7
107	Radio, Lautsprecher vorn rechts	4/8
Steckverbindung, 6-fach, Verbindung (58b) im Leitungsstrang Schalttafel	4/6
Lampe für Blinkleuchte vorn rechts	4/7
108	Lampe für Standlicht links	3/53
109	Leuchtweitenregelung, Stellmotor links	3/52
Diagnoseanschluss, Fahrzeuge mit Rechtslenkung	4/10
Generator, Batterie, Anlasser	4/6
Sicherung auf Sicherungshalter B	4/2
Antenne für Radio, Diagnoseanschluss	4/4
Lampe für Blinkleuchte vorn rechts	4/9
Fahrzeuge mit Linkslenkung, Sicherungshalter, Belegung	4/9
Steckverbindung, 6-fach, Verbindung (58b) im Leitungsstrang Schalttafel	4/5
Steckverbindung, 6-fach	4/5
Ausstattung ab Modelljahr 2011, Generator, Batterie, Anlasser	4/1
Hochtonlautsprecher hinten rechts	4/9
Fahrzeuge mit Linkslenkung	4/2
Relais für Tagesfahrlicht, Fahrzeuge mit Linkslenkung	4/2
Schalter für Warnblinkanlage	4/11
Masseverbindung im Leitungsstrang Innenraum, Radio, Lautsprecher vorn rechts	4/9
Lampe für Standlicht links, Masseverbindung im Leitungsstrang Innenraum	4/8
110	Lampe für Standlicht rechts	4/3
Steuergerät für Navigationssystem	3/52
Schalter für Tagesfahrlicht, Ausstattung ab Modelljahr 2013	4/3
Leuchtweitenregelung, Stellmotor links, Sicherung auf Sicherungshalter B	4/10
Verbindung (Licht) im Leitungsstrang Innenraum, Antenne für Radio	4/7
Schalter für Tagesfahrlicht, Ausstattung ab Modelljahr 2013	4/2
Schalter für Warnblinkanlage	4/7
Sicherung auf Sicherungshalter C, Lampe für Standlicht rechts	4/8
Masseverbindung im Leitungsstrang Innenraum, Radio, Lautsprecher vorn rechts	4/6
Lampe für Standlicht links, Masseverbindung im Leitungsstrang Innenraum	4/4
Masseverbindung im Leitungsstrang Innenraum, Radio, Lautsprecher vorn rechts	3/51
Radio, Lautsprecher vorn rechts, Kombiinstrument, Display	3/51
Radio, Lautsprecher vorn links	4/9
Ausstattung ab Modelljahr 2013	3/53
Diagnoseanschluss	3/53
Steckverbindung, 16-fach, Radio, Lautsprecher vorn links	4/5
Leuchtweitenregelung, Stellmotor rechts	4/9
Schalter für Tagesfahrlicht, Ausstattung ab Modelljahr 2013	4/8
Radio, Lautsprecher vorn rechts, Kombiinstrument, Display	3/53
Fahrzeuge mit Linkslenkung	4/6
Leuchtweitenregelung, Stellmotor links	4/2
Kombiinstrument, Display	4/4
Ausstattung ab Modelljahr 2013	4/1
Verbindung (Licht) im Leitungsstrang Innenraum	4/8
Masseverbindung im Leitungsstrang Innenraum	3/51
Antenne für Radio	4/4
Steuergerät für Navigationssystem, Elektrische Anlage, Übersicht	4/4
Verbindung (58b) im Leitungsstrang Schalttafel	4/5
Zündanlassschalter, Leuchtweitenregelung, Stellmotor rechts	4/9
Lampe für Blinkleuchte vorn links, Steckverbindung, 12-fach	4/2
Verbindung (58b) im Leitungsstrang Schalttafel	4/8
Verbindung (58b) im Leitungsstrang Schalttafel, Hochtonlautsprecher hinten rechts	3/52
Gleichstromkreis Start-Stopp-System	4/10
Leuchte für Kennzeichenbeleuchtung	3/53
Fahrzeuge mit Linkslenkung, Sicherungshalter, Belegung	4/9
Lampe für Blinkleuchte vorn rechts	4/10
Leuchtweitenregelung, Stellmotor links	4/6
Relais für Tagesfahrlicht	4/8
Leuchtweitenregelung, Stellmotor rechts, Sicherung auf Sicherungshalter C	4/11
Zündanlassschalter	4/7
Ausstattung ab Modelljahr 2011	4/5
Zündanlassschalter	4/9
111	Verbindung (58b) im Leitungsstrang Schalttafel	4/3
Schalter für Warnblinkanlage, Sicherung auf Sicherungshalter A	4/6
Ausstattung ab Modelljahr 2013	4/9
Relais für Bremsleuchten und Rückfahrleuchten, Leuchte für Kennzeichenbeleuchtung	4/10
Lampe für Standlicht rechts	3/51
Lampe für Standlicht rechts	3/51
112	Lampe für Blinkleuchte vorn rechts	4/8
Steuergerät für Bordnetz	4/4
Ausstattung ab Modelljahr 2011	3/52
Diagnoseanschluss	4/5
Relais für Tagesfahrlicht, Fahrzeuge mit Linkslenkung	4/2
Radio, Lautsprecher vorn links	4/11
Kombiinstrument, Display, Ausstattung ab Modelljahr 2011	3/52
Masseverbindung im Leitungsstrang Innenraum, Radio, Lautsprecher vorn rechts	4/11
Gleichstromkreis Start-Stopp-System	3/53
Masseverbindung im Leitungsstrang Innenraum	4/1
Fahrzeuge mit Rechtslenkung	3/51
Radio, Lautsprecher vorn rechts, Kombiinstrument, Display	4/2
Schalter für Tagesfahrlicht, Ausstattung ab Modelljahr 2013	4/6
Relais für Tagesfahrlicht	3/53
Sicherung auf Sicherungshalter B, Lampe für Standlicht links	3/52
Sicherung auf Sicherungshalter A	4/8
Steuergerät für Navigationssystem, Elektrische Anlage, Übersicht	3/51
Masseverbindung im Leitungsstrang Innenraum	3/53
Verbindung (58b) im Leitungsstrang Schalttafel, Hochtonlautsprecher hinten rechts	4/4
Lampe für Standlicht rechts	4/1
Sicherungshalter, Belegung, Steuergerät für Bordnetz	3/53
Lampe für Standlicht links	4/2
Steckverbindung, 16-fach, Radio, Lautsprecher vorn links	4/6
Verbindung (58b) im Leitungsstrang Schalttafel, Hochtonlautsprecher hinten rechts	4/10
Lampe für Standlicht rechts, Masseverbindung im Leitungsstrang Motorraum	3/51
Radio, Lautsprecher vorn rechts	4/8
113	Antenne für Radio	3/52
Ausstattung ab Modelljahr 2013, Zündanlassschalter	4/5
Lampe für Blinkleuchte vorn rechts, Steckverbindung, 16-fach	4/8
114	Sicherung auf Sicherungshalter C	3/51
Fahrzeuge mit Rechtslenkung	4/11
Hochtonlautsprecher hinten rechts	3/51
Generator, Batterie, Anlasser	4/6
Steckverbindung, 16-fach, Radio, Lautsprecher vorn links	3/51
115	Sicherungshalter, Belegung	3/52
Gleichstromkreis Start-Stopp-System, Schalter für Warnblinkanlage	4/4
Lampe für Standlicht links, Masseverbindung im Leitungsstrang Innenraum	4/6
Kupplungspositionsgeber, Kupplungspedalschalter	4/1
Steckverbindung, 16-fach	4/9
Fahrzeuge mit Linkslenkung	4/5
Leuchte für Kennzeichenbeleuchtung	4/8
Sicherung auf Sicherungshalter C	3/52
116	Generator, Batterie, Anlasser	4/3
Antenne für Radio	4/6
Steckverbindung, 6-fach, Verbindung (58b) im Leitungsstrang Schalttafel	3/52
Relais für Bremsleuchten und Rückfahrleuchten, Leuchte für Kennzeichenbeleuchtung	3/53
Hochtonlautsprecher hinten rechts	4/11
Schalter für Tagesfahrlicht	3/51
Kupplungspositionsgeber, Kupplungspedalschalter, Steckverbindung, 6-fach	4/10
117	Steuergerät für Bordnetz	4/7
Radio, Lautsprecher vorn links, Steuergerät für Navigationssystem	3/51
Leuchtweitenregelung, Stellmotor rechts	4/2
Sicherung auf Sicherungshalter C	4/9
Generator, Batterie, Anlasser	4/9
Ausstattung ab Modelljahr 2013	4/7
Ausstattung ab Modelljahr 2013, Zündanlassschalter	4/11
Fahrzeuge mit Linkslenkung	4/8
Sicherungshalter, Belegung	3/52
Steckverbindung, 16-fach	4/7
Zündanlassschalter	4/5
Kupplungspositionsgeber, Kupplungspedalschalter	4/1
Antenne für Radio, Diagnoseanschluss	4/8
Gleichstromkreis Start-Stopp-System, Schalter für Warnblinkanlage	4/10
118	Sicherung auf Sicherungshalter C	3/51
Ausstattung ab Modelljahr 2013	3/53
Relais für Tagesfahrlicht	4/1
Steckverbindung, 16-fach, Radio, Lautsprecher vorn links	4/1
Verbindung (58b) im Leitungsstrang Schalttafel, Hochtonlautsprecher hinten rechts	4/8
119	Steckverbindung, 12-fach	4/9
Schalter für Tagesfahrlicht, Ausstattung ab Modelljahr 2013	3/51
Relais für Bremsleuchten und Rückfahrleuchten	3/52
Diagnoseanschluss	3/51
Leuchte für Kennzeichenbeleuchtung, Lampe für Blinkleuchte vorn links	4/6
Generator, Batterie, Anlasser, Leuchtweitenregelung, Stellmotor links	4/8
Ausstattung ab Modelljahr 2013	3/52
Sicherung auf Sicherungshalter B	4/4
Schalter für Tagesfahrlicht	4/10
Antenne für Radio	4/4
Radio, Lautsprecher vorn links	4/2
Schalter für Warnblinkanlage	4/1
Fahrzeuge mit Linkslenkung	4/11
120	Fahrzeuge mit Linkslenkung	4/11
Ausstattung ab Modelljahr 2011, Generator, Batterie, Anlasser	4/9
Verbindung (58b) im Leitungsstrang Schalttafel, Hochtonlautsprecher hinten rechts	4/3
Sicherung auf Sicherungshalter B	4/8
Radio, Lautsprecher vorn rechts, Kombiinstrument, Display	3/52
Sicherung auf Sicherungshalter B	3/53
121	Ausstattung ab Modelljahr 2013	3/53
Steuergerät für Navigationssystem	3/52
122	Sicherungshalter, Belegung	4/6
Verbindung (58b) im Leitungsstrang Schalttafel	4/1
Sicherung auf Sicherungshalter C	4/8
Steckverbindung, 6-fach	3/52
Sicherung auf Sicherungshalter A	3/52
Steckverbindung, 12-fach, Verbindung (Licht) im Leitungsstrang Innenraum	4/7
Kombiinstrument, Display, Ausstattung ab Modelljahr 2011	4/3
Masseverbindung im Leitungsstrang Motorraum	3/53
Steckverbindung, 16-fach	3/51
123	Diagnoseanschluss	4/6
124	Schalter für Warnblinkanlage	4/3
Diagnoseanschluss	4/2
Sicherung auf Sicherungshalter B, Lampe für Standlicht links	3/53
Gleichstromkreis Start-Stopp-System	3/52
125	Masseverbindung im Leitungsstrang Innenraum	4/8
Antenne für Radio, Diagnoseanschluss	4/8
Sicherung auf Sicherungshalter C, Lampe für Standlicht rechts	4/9
Sicherungshalter, Belegung, Steuergerät für Bordnetz	4/2
Zündanlassschalter, Leuchtweitenregelung, Stellmotor rechts	3/51
Fahrzeuge mit Linkslenkung, Sicherungshalter, Belegung	4/2
Schalter für Tagesfahrlicht, Ausstattung ab Modelljahr 2013	4/3
Leuchtweitenregelung, Stellmotor links, Sicherung auf Sicherungshalter B	4/8
Ausstattung ab Modelljahr 2013, Zündanlassschalter	4/8
Zündanlassschalter	4/7
Radio, Lautsprecher vorn rechts, Kombiinstrument, Display	4/4
126	Diagnoseanschluss	4/9
Fahrzeuge mit Linkslenkung	4/5
Fahrzeuge mit Linkslenkung, Sicherungshalter, Belegung	4/8
Sicherungshalter, Belegung	4/10
Kupplungspositionsgeber, Kupplungspedalschalter, Steckverbindung, 6-fach	4/3
Verbindung (Licht) im Leitungsstrang Innenraum, Antenne für Radio	4/4
Gleichstromkreis Start-Stopp-System, Schalter für Warnblinkanlage	3/52
Hochtonlautsprecher hinten links, Schalter für Tagesfahrlicht	4/10
Steckverbindung, 6-fach	3/51
Fahrzeuge mit Rechtslenkung	4/11
Radio, Lautsprecher vorn rechts	4/8
Leuchtweitenregelung, Stellmotor links	3/52
Hochtonlautsprecher hinten rechts, Relais für Tagesfahrlicht	4/2
Ausstattung ab Modelljahr 2013	4/4
Lampe für Blinkleuchte vorn rechts	4/3
Relais für Tagesfahrlicht, Fahrzeuge mit Linkslenkung	4/8
Leuchtweitenregelung, Stellmotor links	4/10
Kombiinstrument, Display	4/5
Zündanlassschalter	4/10
Gleichstromkreis Start-Stopp-System	4/5
Generator, Batterie, Anlasser, Leuchtweitenregelung, Stellmotor links	3/53
Gleichstromkreis Start-Stopp-System, Schalter für Warnblinkanlage	4/3
Leuchtweitenregelung, Stellmotor rechts, Sicherung auf Sicherungshalter C	3/53
Schalter für Tagesfahrlicht	4/11
Lampe für Blinkleuchte vorn links	3/51
Sicherung auf Sicherungshalter C	4/4
Kombiinstrument, Display, Ausstattung ab Modelljahr 2011	4/6
Kombiinstrument, Display	4/3
Zündanlassschalter	3/51
Verbindung (58b) im Leitungsstrang Schalttafel, Hochtonlautsprecher hinten rechts	4/9
Fahrzeuge mit Linkslenkung, Sicherungshalter, Belegung	3/53
Sicherungshalter, Belegung	4/6
Ausstattung ab Modelljahr 2011	3/53
Masseverbindung im Leitungsstrang Innenraum, Radio, Lautsprecher vorn rechts	3/51
127	Relais für Bremsleuchten und Rückfahrleuchten	4/7
Diagnoseanschluss	4/9
128	Masseverbindung im Leitungsstrang Innenraum	4/7
Diagnoseanschluss	4/7
Gleichstromkreis Start-Stopp-System	4/3
Elektrische Anlage, Übersicht	4/8
Radio, Lautsprecher vorn links	3/53
Sicherung auf Sicherungshalter A	4/6
129	Steckverbindung, 6-fach	4/1
Sicherung auf Sicherungshalter B	4/4
Kupplungspositionsgeber, Kupplungspedalschalter	4/7
Sicherung auf Sicherungshalter B	3/53
Radio, Lautsprecher vorn links	3/51
Masseverbindung im Leitungsstrang Innenraum, Radio, Lautsprecher vorn rechts	4/6
130	Fahrzeuge mit Linkslenkung	3/53
Diagnoseanschluss	4/7
Ausstattung ab Modelljahr 2013, Zündanlassschalter	4/3
Schalter für Warnblinkanlage	4/7
Elektrische Anlage, Übersicht	4/11
131	Hochtonlautsprecher hinten rechts	4/2
Lampe für Standlicht links, Masseverbindung im Leitungsstrang Innenraum	4/2
Schalter für Warnblinkanlage, Sicherung auf Sicherungshalter A	4/6
132	Relais für Bremsleuchten und Rückfahrleuchten	4/9
Gleichstromkreis Start-Stopp-System, Schalter für Warnblinkanlage	3/51
Leuchtweitenregelung, Stellmotor links	4/11
Radio, Lautsprecher vorn links	4/4
Antenne für Radio, Diagnoseanschluss	4/7
Masseverbindung im Leitungsstrang Innenraum	3/53
Lampe für Blinkleuchte vorn rechts, Steckverbindung, 16-fach	4/6
Leuchtweitenregelung, Stellmotor rechts, Sicherung auf Sicherungshalter C	4/7
Leuchtweitenregelung, Stellmotor rechts, Sicherung auf Sicherungshalter C	4/2
Radio, Lautsprecher vorn rechts	4/10
Generator, Batterie, Anlasser, Leuchtweitenregelung, Stellmotor links	4/9
Schalter für Tagesfahrlicht, Ausstattung ab Modelljahr 2013	3/52
Relais für Bremsleuchten und Rückfahrleuchten, Leuchte für Kennzeichenbeleuchtung	3/52
Fahrzeuge mit Linkslenkung	4/7
Zündanlassschalter	3/53
Lampe für Standlicht rechts	4/9
Radio, Lautsprecher vorn links	4/11
Verbindung (Licht) im Leitungsstrang Innenraum, Antenne für Radio	4/1
133	Sicherung auf Sicherungshalter A	3/52
Steuergerät für Navigationssystem	4/1
134	Lampe für Standlicht links	4/1
Antenne für Radio, Diagnoseanschluss	4/11
Hochtonlautsprecher hinten links	4/5
Lampe für Standlicht rechts, Masseverbindung im Leitungsstrang Motorraum	4/3
Lampe für Standlicht links, Masseverbindung im Leitungsstrang Innenraum	4/11
Schalter für Warnblinkanlage	3/53
Antenne für Radio	4/3
Leuchtweitenregelung, Stellmotor rechts, Sicherung auf Sicherungshalter C	4/6
135	Steuergerät für Bordnetz	4/11
Leuchtweitenregelung, Stellmotor links	4/11
Generator, Batterie, Anlasser, Leuchtweitenregelung, Stellmotor links	3/51
Relais für Tagesfahrlicht, Fahrzeuge mit Linkslenkung	4/2
Generator, Batterie, Anlasser	3/51
Steuergerät für Navigationssystem, Elektrische Anlage, Übersicht	4/3
Gleichstromkreis Start-Stopp-System, Schalter für Warnblinkanlage	4/4
Masseverbindung im Leitungsstrang Innenraum	4/2
Sicherung auf Sicherungshalter C	4/3
Ausstattung ab Modelljahr 2013, Zündanlassschalter	4/11
Sicherung auf Sicherungshalter C, Lampe für Standlicht rechts	4/6
Lampe für Standlicht links, Masseverbindung im Leitungsstrang Innenraum	4/4
136	Sicherung auf Sicherungshalter A	4/11
Radio, Lautsprecher vorn rechts, Kombiinstrument, Display	4/9
Radio, Lautsprecher vorn links, Steuergerät für Navigationssystem	3/53
Masseverbindung im Leitungsstrang Motorraum, Hochtonlautsprecher hinten links	4/2
Fahrzeuge mit Rechtslenkung	4/8
Diagnoseanschluss	4/10
Zündanlassschalter, Leuchtweitenregelung, Stellmotor rechts	4/10
137	Antenne für Radio	4/10
Diagnoseanschluss, Fahrzeuge mit Rechtslenkung	4/4
Sicherung auf Sicherungshalter C, Lampe für Standlicht rechts	4/2
Lampe für Blinkleuchte vorn rechts	4/7
Verbindung (Licht) im Leitungsstrang Innenraum, Antenne für Radio	4/9
Fahrzeuge mit Linkslenkung	4/4
138	Sicherung auf Sicherungshalter C	4/11
Hochtonlautsprecher hinten rechts	4/9
Lampe für Blinkleuchte vorn rechts, Steckverbindung, 16-fach	4/1
Sicherung auf Sicherungshalter C	4/5
Steckverbindung, 16-fach	3/51
Masseverbindung im Leitungsstrang Motorraum	3/51
Lampe für Blinkleuchte vorn links, Steckverbindung, 12-fach	3/52
Diagnoseanschluss	4/3
Schalter für Warnblinkanlage	4/10
Lampe für Blinkleuchte vorn links	4/1
Lampe für Blinkleuchte vorn links	4/6
Kombiinstrument, Display, Ausstattung ab Modelljahr 2011	4/4
Gleichstromkreis Start-Stopp-System	4/8
Antenne für Radio	4/3
Leuchtweitenregelung, Stellmotor links	4/4
Ausstattung ab Modelljahr 2013, Zündanlassschalter	3/53
Verbindung (Licht) im Leitungsstrang Innenraum, Antenne für Radio	4/2
Fahrzeuge mit Linkslenkung	4/5
Relais für Tagesfahrlicht, Fahrzeuge mit Linkslenkung	3/53
Hochtonlautsprecher hinten links, Schalter für Tagesfahrlicht	3/52
Relais für Tagesfahrlicht	4/2
Lampe für Blinkleuchte vorn links	4/5
Verbindung (Licht) im Leitungsstrang Innenraum	4/3
Steckverbindung, 6-fach, Verbindung (58b) im Leitungsstrang Schalttafel	4/5
Leuchtweitenregelung, Stellmotor rechts, Sicherung auf Sicherungshalter C	4/10
Zündanlassschalter, Leuchtweitenregelung, Stellmotor rechts	4/10
Steckverbindung, 12-fach, Verbindung (Licht) im Leitungsstrang Innenraum	4/9
Fahrzeuge mit Rechtslenkung, Relais für Bremsleuchten und Rückfahrleuchten	4/9
Hochtonlautsprecher hinten links, Schalter für Tagesfahrlicht	3/53
139	Verbindung (58b) im Leitungsstrang Schalttafel	3/51
Fahrzeuge mit Linkslenkung	3/51
140	Leuchtweitenregelung, Stellmotor links	4/3
141	Ausstattung ab Modelljahr 2013	4/2
Relais für Bremsleuchten und Rückfahrleuchten, Leuchte für Kennzeichenbeleuchtung	3/51
Leuchte für Kennzeichenbeleuchtung, Lampe für Blinkleuchte vorn links	3/51
Relais für Bremsleuchten und Rückfahrleuchten, Leuchte für Kennzeichenbeleuchtung	4/5
Sicherung auf Sicherungshalter B	4/7
Lampe für Blinkleuchte vorn rechts, Steckverbindung, 16-fach	4/1
Leuchtweitenregelung, Stellmotor links, Sicherung auf Sicherungshalter B	4/10
Lampe für Standlicht rechts, Masseverbindung im Leitungsstrang Motorraum	4/11
142	Hochtonlautsprecher hinten rechts	4/1
Lampe für Blinkleuchte vorn rechts	4/3
143	Generator, Batterie, Anlasser	4/4
Relais für Tagesfahrlicht	4/11
Lampe für Standlicht links, Masseverbindung im Leitungsstrang Innenraum	4/8
Relais für Bremsleuchten und Rückfahrleuchten, Leuchte für Kennzeichenbeleuchtung	4/8
Masseverbindung im Leitungsstrang Motorraum	4/6
Schalter für Warnblinkanlage, Sicherung auf Sicherungshalter A	4/1
Masseverbindung im Leitungsstrang Motorraum, Hochtonlautsprecher hinten links	4/6
Generator, Batterie, Anlasser, Leuchtweitenregelung, Stellmotor links	4/7
Leuchtweitenregelung, Stellmotor links	4/8
Masseverbindung im Leitungsstrang Innenraum	4/6
Ausstattung ab Modelljahr 2011, Generator, Batterie, Anlasser	4/9
Schalter für Warnblinkanlage	4/10
Hochtonlautsprecher hinten links	4/4
Elektrische Anlage, Übersicht, Gleichstromkreis Start-Stopp-System	4/8
Steuergerät für Navigationssystem, Elektrische Anlage, Übersicht	4/2
Hochtonlautsprecher hinten links	4/10
Masseverbindung im Leitungsstrang Motorraum	3/51
Radio, Lautsprecher vorn rechts	4/8
Steuergerät für Bordnetz, Kupplungspositionsgeber, Kupplungspedalschalter	4/4
Hochtonlautsprecher hinten links, Schalter für Tagesfahrlicht	4/3
Masseverbindung im Leitungsstrang Innenraum, Radio, Lautsprecher vorn rechts	4/8
144	Ausstattung ab Modelljahr 2013	3/53
Fahrzeuge mit Linkslenkung, Sicherungshalter, Belegung	4/9
Radio, Lautsprecher vorn links, Steuergerät für Navigationssystem	4/9
Leuchtweitenregelung, Stellmotor rechts, Sicherung auf Sicherungshalter C	3/51
Elektrische Anlage, Übersicht, Gleichstromkreis Start-Stopp-System	4/9
Leuchtweitenregelung, Stellmotor links	4/6
Steckverbindung, 12-fach	4/4
145	Gleichstromkreis Start-Stopp-System	4/2
Steuergerät für Navigationssystem	3/52
Sicherung auf Sicherungshalter A	4/11
Sicherung auf Sicherungshalter B, Lampe für Standlicht links	4/6
Schalter für Warnblinkanlage	4/5
Leuchtweitenregelung, Stellmotor rechts	3/52
Fahrzeuge mit Rechtslenkung	4/4
Radio, Lautsprecher vorn rechts	4/9
Steuergerät für Bordnetz	3/52
146	Kupplungspositionsgeber, Kupplungspedalschalter	3/52
Hochtonlautsprecher hinten rechts	4/1
Radio, Lautsprecher vorn rechts	4/2
Masseverbindung im Leitungsstrang Innenraum	4/8
Schalter für Tagesfahrlicht, Ausstattung ab Modelljahr 2013	4/4
147	Radio, Lautsprecher vorn links	4/6
Sicherungshalter, Belegung	4/7
Leuchtweitenregelung, Stellmotor rechts	3/52
Leuchtweitenregelung, Stellmotor links, Sicherung auf Sicherungshalter B	4/7
148	Sicherung auf Sicherungshalter B	4/7
Gleichstromkreis Start-Stopp-System	4/11
Steuergerät für Bordnetz	4/1
Steckverbindung, 6-fach	3/53
Sicherungshalter, Belegung	4/3
Fahrzeuge mit Rechtslenkung, Relais für Bremsleuchten und Rückfahrleuchten	4/6
Steckverbindung, 6-fach, Verbindung (58b) im Leitungsstrang Schalttafel	4/7
Hochtonlautsprecher hinten rechts, Relais für Tagesfahrlicht	3/51
Leuchtweitenregelung, Stellmotor rechts	3/52
Lampe für Standlicht links	4/9
Steckverbindung, 12-fach, Verbindung (Licht) im Leitungsstrang Innenraum	4/5
Lampe für Standlicht rechts, Masseverbindung im Leitungsstrang Motorraum	4/1
Fahrzeuge mit Rechtslenkung	3/53
Schalter für Warnblinkanlage, Sicherung auf Sicherungshalter A	4/6
Steckverbindung, 6-fach	4/10
Diagnoseanschluss, Fahrzeuge mit Rechtslenkung	4/5
Sicherung auf Sicherungshalter C	4/9
149	Diagnoseanschluss	4/4
Radio, Lautsprecher vorn rechts	4/11
Radio, Lautsprecher vorn rechts, Kombiinstrument, Display	4/2
Fahrzeuge mit Linkslenkung, Sicherungshalter, Belegung	4/10
150	Sicherungshalter, Belegung	3/51
Sicherungshalter, Belegung	4/7
Leuchte für Kennzeichenbeleuchtung	4/2
Verbindung (Licht) im Leitungsstrang Innenraum	4/3
Leuchtweitenregelung, Stellmotor links	4/7
Radio, Lautsprecher vorn rechts, Kombiinstrument, Display	4/6
Sicherungshalter, Belegung	4/1
151	Gleichstromkreis Start-Stopp-System	4/3
Leuchte für Kennzeichenbeleuchtung	4/9
Elektrische Anlage, Übersicht, Gleichstromkreis Start-Stopp-System	4/11
Lampe für Blinkleuchte vorn rechts, Steckverbindung, 16-fach	3/52
Steuergerät für Navigationssystem	4/1
Hochtonlautsprecher hinten rechts, Relais für Tagesfahrlicht	4/6
Sicherung auf Sicherungshalter B, Lampe für Standlicht links	4/3
Gleichstromkreis Start-Stopp-System, Schalter für Warnblinkanlage	3/52
Relais für Tagesfahrlicht	4/1
Hochtonlautsprecher hinten links, Schalter für Tagesfahrlicht	4/10
Radio, Lautsprecher vorn rechts	3/51
Ausstattung ab Modelljahr 2013, Zündanlassschalter	4/4
Sicherung auf Sicherungshalter B, Lampe für Standlicht links	3/53
Lampe für Standlicht links, Masseverbindung im Leitungsstrang Innenraum	4/8
Radio, Lautsprecher vorn rechts	3/51
Antenne für Radio, Diagnoseanschluss	3/51
Elektrische Anlage, Übersicht, Gleichstromkreis Start-Stopp-System	4/9
152	Hochtonlautsprecher hinten links	3/51
Radio, Lautsprecher vorn links	4/10
Schalter für Warnblinkanlage, Sicherung auf Sicherungshalter A	4/8
Generator, Batterie, Anlasser, Leuchtweitenregelung, Stellmotor links	3/52
Steuergerät für Navigationssystem	4/10
Fahrzeuge mit Rechtslenkung	4/11
Ausstattung ab Modelljahr 2013	4/6
Steuergerät für Bordnetz, Kupplungspositionsgeber, Kupplungspedalschalter	4/9
Lampe für Blinkleuchte vorn rechts	4/4
153	Leuchte für Kennzeichenbeleuchtung	4/6
Sicherung auf Sicherungshalter A, Lampe für Blinkleuchte vorn rechts	4/8
Lampe für Standlicht rechts, Masseverbindung im Leitungsstrang Motorraum	3/51
Schalter für Tagesfahrlicht	4/2
Masseverbindung im Leitungsstrang Motorraum, Hochtonlautsprecher hinten links	4/7
Sicherung auf Sicherungshalter C	4/3
Verbindung (Licht) im Leitungsstrang Innenraum, Antenne für Radio	3/53
Sicherung auf Sicherungshalter B	4/7
Relais für Bremsleuchten und Rückfahrleuchten	4/2
Verbindung (Licht) im Leitungsstrang Innenraum, Antenne für Radio	4/9
Zündanlassschalter	4/3
Masseverbindung im Leitungsstrang Motorraum	4/6
Lampe für Standlicht rechts, Masseverbindung im Leitungsstrang Motorraum	3/51
154	Verbindung (58b) im Leitungsstrang Schalttafel	4/10
Radio, Lautsprecher vorn links, Steuergerät für Navigationssystem	4/1
Ausstattung ab Modelljahr 2013, Zündanlassschalter	4/3
Masseverbindung im Leitungsstrang Motorraum, Hochtonlautsprecher hinten links	3/51
Relais für Tagesfahrlicht	4/3
Schalter für Tagesfahrlicht	3/52
Relais für Tagesfahrlicht	4/7
Kombiinstrument, Display	4/11
Fahrzeuge mit Linkslenkung	4/8
Verbindung (Licht) im Leitungsstrang Innenraum, Antenne für Radio	4/4
Schalter für Warnblinkanlage, Sicherung auf Sicherungshalter A	4/5
Sicherungshalter, Belegung, Steuergerät für Bordnetz	3/51
Masseverbindung im Leitungsstrang Motorraum, Hochtonlautsprecher hinten links	3/53
Masseverbindung im Leitungsstrang Motorraum, Hochtonlautsprecher hinten links	4/11
Relais für Tagesfahrlicht, Fahrzeuge mit Linkslenkung	4/6
Lampe für Blinkleuchte vorn links, Steckverbindung, 12-fach	4/3
Antenne für Radio, Diagnoseanschluss	4/7
Elektrische Anlage, Übersicht, Gleichstromkreis Start-Stopp-System	3/52
Hochtonlautsprecher hinten rechts, Relais für Tagesfahrlicht	4/8
Sicherung auf Sicherungshalter C, Lampe für Standlicht rechts	4/5
155	Elektrische Anlage, Übersicht	4/11
156	Lampe für Blinkleuchte vorn rechts	4/11
Steuergerät für Bordnetz	4/7
Schalter für Warnblinkanlage, Sicherung auf Sicherungshalter A	4/8
Sicherung auf Sicherungshalter B	4/3
Leuchtweitenregelung, Stellmotor links, Sicherung auf Sicherungshalter B	4/9
Ausstattung ab Modelljahr 2011, Generator, Batterie, Anlasser	4/1
Masseverbindung im Leitungsstrang Innenraum, Radio, Lautsprecher vorn rechts	4/6
Antenne für Radio, Diagnoseanschluss	3/53
Masseverbindung im Leitungsstrang Motorraum, Hochtonlautsprecher hinten links	4/1
Masseverbindung im Leitungsstrang Innenraum, Radio, Lautsprecher vorn rechts	4/1
Radio, Lautsprecher vorn links	4/6
157	Antenne für Radio	4/9
Masseverbindung im Leitungsstrang Motorraum	4/3
Fahrzeuge mit Rechtslenkung	4/5
Hochtonlautsprecher hinten links, Schalter für Tagesfahrlicht	4/6
Radio, Lautsprecher vorn links	4/9
Lampe für Standlicht links, Masseverbindung im Leitungsstrang Innenraum	4/5
Fahrzeuge mit Linkslenkung	4/3
Steuergerät für Bordnetz	4/4
Leuchte für Kennzeichenbeleuchtung	4/7
Leuchte für Kennzeichenbeleuchtung	4/9
Fahrzeuge mit Rechtslenkung, Relais für Bremsleuchten und Rückfahrleuchten	4/10
Schalter für Warnblinkanlage, Sicherung auf Sicherungshalter A	4/5
Relais für Bremsleuchten und Rückfahrleuchten	4/5
Verbindung (Licht) im Leitungsstrang Innenraum, Antenne für Radio	4/10
Kombiinstrument, Display	4/8
Sicherung auf Sicherungshalter C	3/53
Antenne für Radio, Diagnoseanschluss	3/52
Relais für Tagesfahrlicht, Fahrzeuge mit Linkslenkung	3/51
Steckverbindung, 6-fach	4/5
Zündanlassschalter, Leuchtweitenregelung, Stellmotor rechts	3/52
Fahrzeuge mit Linkslenkung	3/52
Leuchte für Kennzeichenbeleuchtung, Lampe für Blinkleuchte vorn links	3/52
Leuchte für Kennzeichenbeleuchtung, Lampe für Blinkleuchte vorn links	4/7
Relais für Tagesfahrlicht, Fahrzeuge mit Linkslenkung	4/6
Sicherung auf Sicherungshalter C, Lampe für Standlicht rechts	4/7
Ausstattung ab Modelljahr 2011, Generator, Batterie, Anlasser	4/3
Sicherungshalter, Belegung	3/52
Kupplungspositionsgeber, Kupplungspedalschalter	4/10
Kombiinstrument, Display, Ausstattung ab Modelljahr 2011	3/51
Lampe für Standlicht rechts	4/3
Gleichstromkreis Start-Stopp-System	4/3
158	Masseverbindung im Leitungsstrang Innenraum	3/51
Steuergerät für Bordnetz, Kupplungspositionsgeber, Kupplungspedalschalter	4/11
Steuergerät für Bordnetz, Kupplungspositionsgeber, Kupplungspedalschalter	4/4
Ausstattung ab Modelljahr 2011	4/7
Steckverbindung, 16-fach	4/11
Fahrzeuge mit Linkslenkung	3/53
159	Gleichstromkreis Start-Stopp-System	4/1
Hochtonlautsprecher hinten links	4/1
Verbindung (58b) im Leitungsstrang Schalttafel, Hochtonlautsprecher hinten rechts	4/1
Lampe für Blinkleuchte vorn links, Steckverbindung, 12-fach	4/6
Masseverbindung im Leitungsstrang Motorraum	4/2
Sicherung auf Sicherungshalter B, Lampe für Standlicht links	4/7
Masseverbindung im Leitungsstrang Innenraum, Radio, Lautsprecher vorn rechts	4/8
160	Zündanlassschalter	4/5
Hochtonlautsprecher hinten rechts, Relais für Tagesfahrlicht	3/51
Antenne für Radio	3/53
Kupplungspositionsgeber, Kupplungspedalschalter	4/2
Gleichstromkreis Start-Stopp-System	4/4
Diagnoseanschluss	3/51
Ausstattung ab Modelljahr 2013	4/9
161	Ausstattung ab Modelljahr 2011	3/52
Sicherung auf Sicherungshalter C, Lampe für Standlicht rechts	3/52
Steckverbindung, 12-fach	4/3
162	Elektrische Anlage, Übersicht	3/53
Lampe für Standlicht rechts, Masseverbindung im Leitungsstrang Motorraum	4/1
Zündanlassschalter	4/6
Steuergerät für Navigationssystem, Elektrische Anlage, Übersicht	4/9
Lampe für Blinkleuchte vorn rechts	4/9
Steuergerät für Bordnetz	4/1
Masseverbindung im Leitungsstrang Innenraum, Radio, Lautsprecher vorn rechts	4/7
Antenne für Radio	4/3
Kupplungspositionsgeber, Kupplungspedalschalter, Steckverbindung, 6-fach	4/5
Steckverbindung, 12-fach, Verbindung (Licht) im Leitungsstrang Innenraum	4/2
Leuchtweitenregelung, Stellmotor links	4/8
Sicherungshalter, Belegung, Steuergerät für Bordnetz	3/52
Sicherung auf Sicherungshalter B, Lampe für Standlicht links	4/5
Kupplungspositionsgeber, Kupplungspedalschalter	4/5
Schalter für Warnblinkanlage, Sicherung auf Sicherungshalter A	4/6
Radio, Lautsprecher vorn links	4/10
Ausstattung ab Modelljahr 2011	4/3
Schalter für Warnblinkanlage, Sicherung auf Sicherungshalter A	4/9
Schalter für Warnblinkanlage	3/52
Masseverbindung im Leitungsstrang Motorraum	4/11
Kombiinstrument, Display, Ausstattung ab Modelljahr 2011	4/1
Steckverbindung, 16-fach	4/10
Fahrzeuge mit Linkslenkung, Sicherungshalter, Belegung	4/11
Hochtonlautsprecher hinten rechts	4/7
Lampe für Blinkleuchte vorn rechts, Steckverbindung, 16-fach	4/9
Steuergerät für Navigationssystem	3/51
Verbindung (Licht) im Leitungsstrang Innenraum	4/8
Steckverbindung, 6-fach, Verbindung (58b) im Leitungsstrang Schalttafel	4/6
Radio, Lautsprecher vorn links, Steuergerät für Navigationssystem	4/9
